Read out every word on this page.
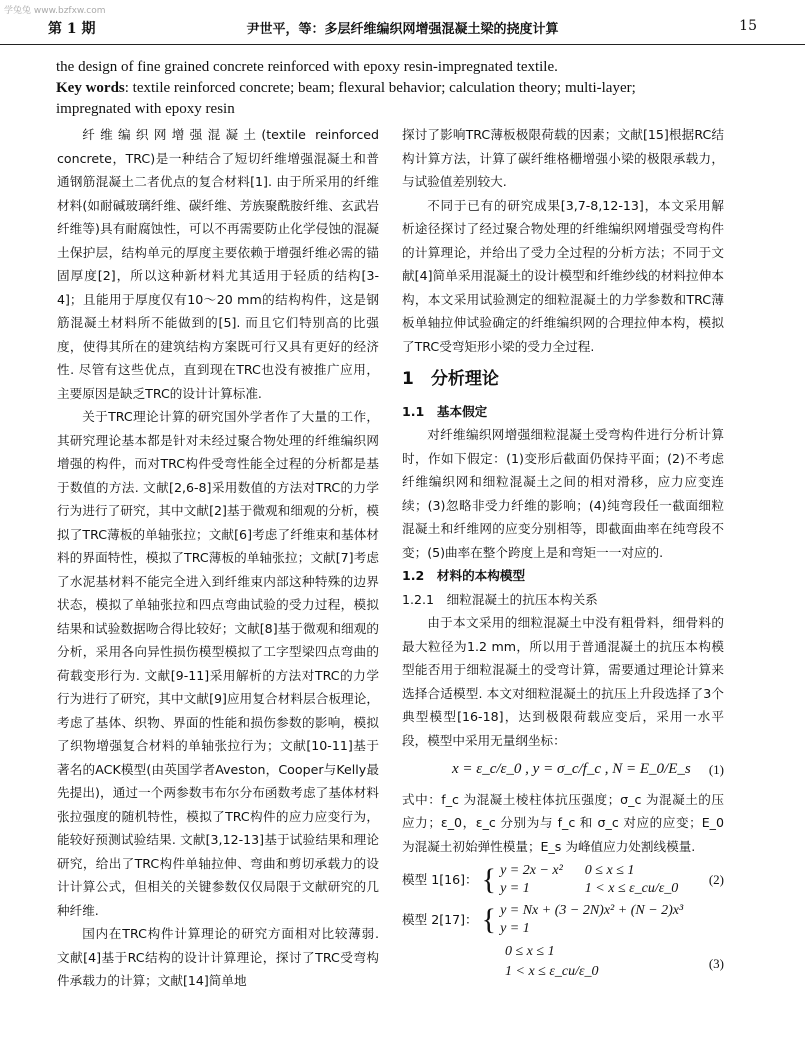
学兔兔 www.bzfxw.com
第 1 期	尹世平，等：多层纤维编织网增强混凝土梁的挠度计算	15
the design of fine grained concrete reinforced with epoxy resin-impregnated textile.
Key words: textile reinforced concrete; beam; flexural behavior; calculation theory; multi-layer; impregnated with epoxy resin

纤维编织网增强混凝土(textile reinforced concrete，TRC)是一种结合了短切纤维增强混凝土和普通钢筋混凝土二者优点的复合材料[1]. 由于所采用的纤维材料(如耐碱玻璃纤维、碳纤维、芳族聚酰胺纤维、玄武岩纤维等)具有耐腐蚀性，可以不再需要防止化学侵蚀的混凝土保护层，结构单元的厚度主要依赖于增强纤维必需的锚固厚度[2]，所以这种新材料尤其适用于轻质的结构[3-4]；且能用于厚度仅有10～20 mm的结构构件，这是钢筋混凝土材料所不能做到的[5]. 而且它们特别高的比强度，使得其所在的建筑结构方案既可行又具有更好的经济性. 尽管有这些优点，直到现在TRC也没有被推广应用，主要原因是缺乏TRC的设计计算标准.

关于TRC理论计算的研究国外学者作了大量的工作，其研究理论基本都是针对未经过聚合物处理的纤维编织网增强的构件，而对TRC构件受弯性能全过程的分析都是基于数值的方法. 文献[2,6-8]采用数值的方法对TRC的力学行为进行了研究，其中文献[2]基于微观和细观的分析，模拟了TRC薄板的单轴张拉；文献[6]考虑了纤维束和基体材料的界面特性，模拟了TRC薄板的单轴张拉；文献[7]考虑了水泥基材料不能完全进入到纤维束内部这种特殊的边界状态，模拟了单轴张拉和四点弯曲试验的受力过程，模拟结果和试验数据吻合得比较好；文献[8]基于微观和细观的分析，采用各向异性损伤模型模拟了工字型梁四点弯曲的荷载变形行为. 文献[9-11]采用解析的方法对TRC的力学行为进行了研究，其中文献[9]应用复合材料层合板理论，考虑了基体、织物、界面的性能和损伤参数的影响，模拟了织物增强复合材料的单轴张拉行为；文献[10-11]基于著名的ACK模型(由英国学者Aveston，Cooper与Kelly最先提出)，通过一个两参数韦布尔分布函数考虑了基体材料张拉强度的随机特性，模拟了TRC构件的应力应变行为，能较好预测试验结果. 文献[3,12-13]基于试验结果和理论研究，给出了TRC构件单轴拉伸、弯曲和剪切承载力的设计计算公式，但相关的关键参数仅仅局限于文献研究的几种纤维.

国内在TRC构件计算理论的研究方面相对比较薄弱. 文献[4]基于RC结构的设计计算理论，探讨了TRC受弯构件承载力的计算；文献[14]简单地

探讨了影响TRC薄板极限荷载的因素；文献[15]根据RC结构计算方法，计算了碳纤维格栅增强小梁的极限承载力，与试验值差别较大.

不同于已有的研究成果[3,7-8,12-13]，本文采用解析途径探讨了经过聚合物处理的纤维编织网增强受弯构件的计算理论，并给出了受力全过程的分析方法；不同于文献[4]简单采用混凝土的设计模型和纤维纱线的材料拉伸本构，本文采用试验测定的细粒混凝土的力学参数和TRC薄板单轴拉伸试验确定的纤维编织网的合理拉伸本构，模拟了TRC受弯矩形小梁的受力全过程.

1　分析理论
1.1　基本假定

对纤维编织网增强细粒混凝土受弯构件进行分析计算时，作如下假定：(1)变形后截面仍保持平面；(2)不考虑纤维编织网和细粒混凝土之间的相对滑移，应力应变连续；(3)忽略非受力纤维的影响；(4)纯弯段任一截面细粒混凝土和纤维网的应变分别相等，即截面曲率在纯弯段不变；(5)曲率在整个跨度上是和弯矩一一对应的.

1.2　材料的本构模型
1.2.1　细粒混凝土的抗压本构关系

由于本文采用的细粒混凝土中没有粗骨料，细骨料的最大粒径为1.2 mm，所以用于普通混凝土的抗压本构模型能否用于细粒混凝土的受弯计算，需要通过理论计算来选择合适模型. 本文对细粒混凝土的抗压上升段选择了3个典型模型[16-18]，达到极限荷载应变后，采用一水平段，模型中采用无量纲坐标：

x = ε_c/ε_0 , y = σ_c/f_c , N = E_0/E_s (1)

式中：f_c 为混凝土棱柱体抗压强度；σ_c 为混凝土的压应力；ε_0，ε_c 分别为与 f_c 和 σ_c 对应的应变；E_0 为混凝土初始弹性模量；E_s 为峰值应力处割线模量.

模型 1[16]： { y = 2x − x²
y = 1
0 ≤ x ≤ 1
1 < x ≤ ε_cu/ε_0
(2)
模型 2[17]： { y = Nx + (3 − 2N)x² + (N − 2)x³
y = 1
0 ≤ x ≤ 1
1 < x ≤ ε_cu/ε_0
(3)
